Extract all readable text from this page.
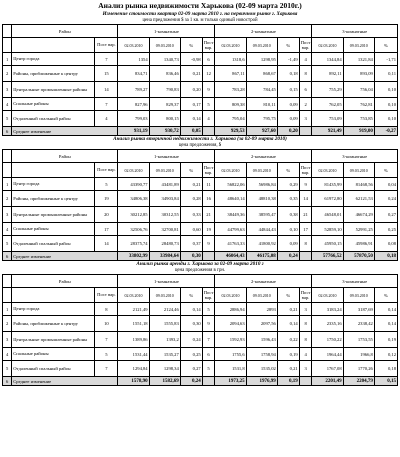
Анализ рынка недвижимости Харькова (02-09 марта 2010г.)
Изменение стоимости квартир 02-09 марта 2010 г. на первичном рынке г. Харькова
цена предложения $ за 1 кв. м только одиный новострой
	Район		1-комнатные				2-комнатные				3-комнатные		
		Пост вар.	02.03.2010	09.03.2010	%	Пост вар.	02.03.2010	09.03.2010	%	Пост вар.	02.03.2010	09.03.2010	%
1	Центр города	7	1354	1340,73	-0,98	6	1318,6	1298,95	-1,49	4	1344,84	1321,84	-1,71
2	Районы, приближенные к центру	15	834,71	836,46	0,21	12	867,11	868,67	0,18	8	892,11	893,09	0,11
3	Центральные промышленные районы	14	789,27	790,83	0,20	9	783,28	784,45	0,15	6	755,29	756,04	0,10
4	Спальные районы	7	827,96	829,37	0,17	5	809,38	810,11	0,09	2	762,05	762,81	0,10
5	Отдаленный спальный район	4	799,03	800,15	0,14	4	795,04	795,75	0,09	3	753,09	753,85	0,10
6	Среднее изменение		931,19	930,72	0,05		929,53	927,60	0,20		921,49	919,00	-0,27
Анализ рынка вторичной недвижимости г. Харькова (за 02-09 марта 2010)
цена предложения, $
	Район		1-комнатные				2-комнатные				3-комнатные		
		Пост вар.	02.03.2010	09.03.2010	%	Пост вар.	02.03.2010	09.03.2010	%	Пост вар.	02.03.2010	09.03.2010	%
1	Центр города	5	43390,77	43481,89	0,21	11	56822,06	56986,84	0,29	9	81435,99	81468,56	0,04
2	Районы, приближенные к центру	19	34806,38	34903,84	0,28	16	48640,14	48810,38	0,35	14	61972,80	62121,53	0,24
3	Центральные промышленные районы	20	30212,85	30312,55	0,33	21	38449,36	38595,47	0,38	21	46548,01	46674,29	0,27
4	Спальные районы	17	32506,76	32700,81	0,60	19	44799,63	44844,43	0,10	17	52859,10	52991,25	0,25
5	Отдаленный спальный район	14	28375,74	28480,73	0,37	9	41763,33	41800,92	0,09	8	45950,15	45986,91	0,08
6	Среднее изменение		33802,99	33984,64	0,30		46064,43	46175,08	0,24		57766,52	57870,50	0,18
Анализ рынка аренды г. Харькова за 02-09 марта 2010 г
цена предложения в грн.
	Район		1-комнатные				2-комнатные				3-комнатные		
		Пост вар.	02.03.2010	09.03.2010	%	Пост вар.	02.03.2010	09.03.2010	%	Пост вар.	02.03.2010	09.03.2010	%
1	Центр города	8	2121,49	2124,46	0,14	5	2886,94	2893	0,21	3	3183,24	3187,69	0,14
2	Районы, приближенные к центру	10	1551,18	1555,83	0,30	9	2094,63	2097,56	0,14	8	2335,16	2338,42	0,14
3	Центральные промышленные районы	7	1389,86	1393,2	0,24	7	1592,93	1596,43	0,22	8	1750,22	1753,55	0,19
4	Спальные районы	5	1531,44	1535,27	0,25	6	1755,6	1758,94	0,19	4	1964,44	1966,8	0,12
5	Отдаленный спальный район	7	1294,84	1298,34	0,27	5	1531,8	1535,02	0,21	3	1767,08	1770,26	0,18
6	Среднее изменение		1578,90	1582,69	0,24		1973,25	1976,99	0,19		2201,49	2204,79	0,15
